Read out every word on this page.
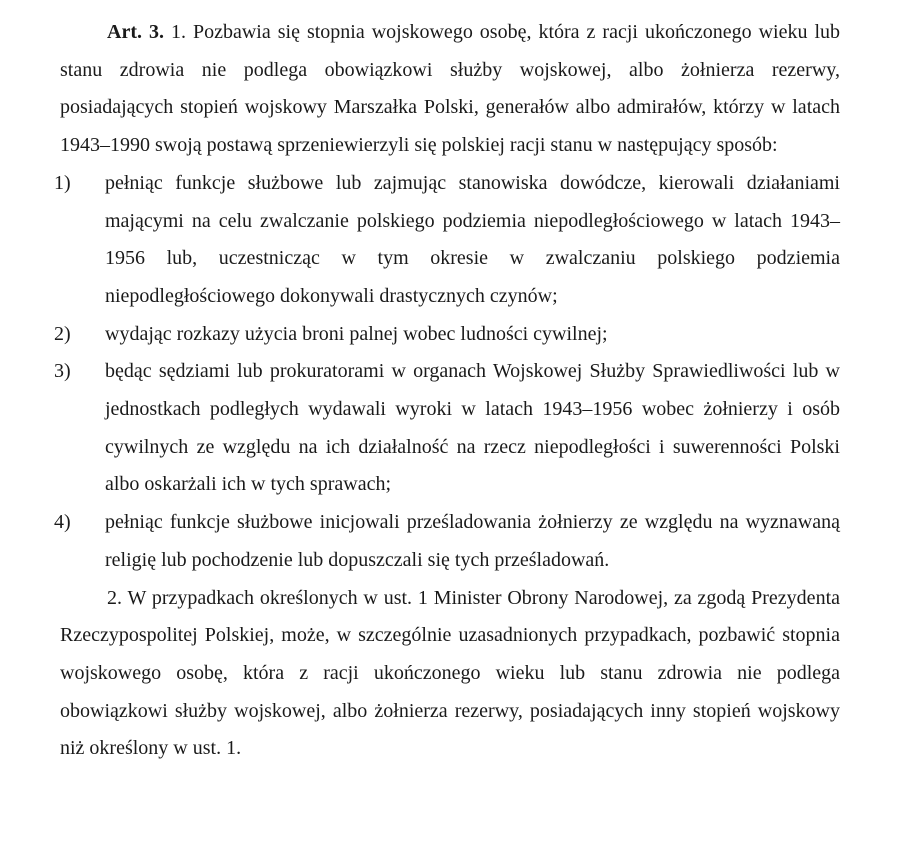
Art. 3. 1. Pozbawia się stopnia wojskowego osobę, która z racji ukończonego wieku lub stanu zdrowia nie podlega obowiązkowi służby wojskowej, albo żołnierza rezerwy, posiadających stopień wojskowy Marszałka Polski, generałów albo admirałów, którzy w latach 1943–1990 swoją postawą sprzeniewierzyli się polskiej racji stanu w następujący sposób:

1) pełniąc funkcje służbowe lub zajmując stanowiska dowódcze, kierowali działaniami mającymi na celu zwalczanie polskiego podziemia niepodległościowego w latach 1943–1956 lub, uczestnicząc w tym okresie w zwalczaniu polskiego podziemia niepodległościowego dokonywali drastycznych czynów;

2) wydając rozkazy użycia broni palnej wobec ludności cywilnej;

3) będąc sędziami lub prokuratorami w organach Wojskowej Służby Sprawiedliwości lub w jednostkach podległych wydawali wyroki w latach 1943–1956 wobec żołnierzy i osób cywilnych ze względu na ich działalność na rzecz niepodległości i suwerenności Polski albo oskarżali ich w tych sprawach;

4) pełniąc funkcje służbowe inicjowali prześladowania żołnierzy ze względu na wyznawaną religię lub pochodzenie lub dopuszczali się tych prześladowań.

2. W przypadkach określonych w ust. 1 Minister Obrony Narodowej, za zgodą Prezydenta Rzeczypospolitej Polskiej, może, w szczególnie uzasadnionych przypadkach, pozbawić stopnia wojskowego osobę, która z racji ukończonego wieku lub stanu zdrowia nie podlega obowiązkowi służby wojskowej, albo żołnierza rezerwy, posiadających inny stopień wojskowy niż określony w ust. 1.
